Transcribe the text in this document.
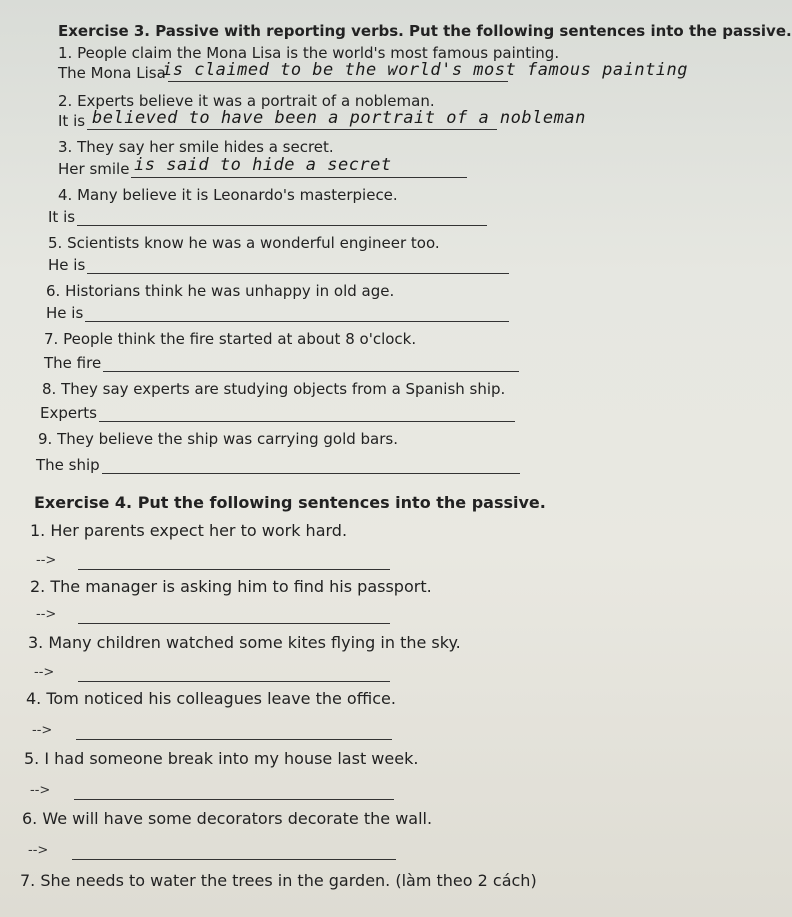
Exercise 3. Passive with reporting verbs. Put the following sentences into the passive.
1. People claim the Mona Lisa is the world's most famous painting.
The Mona Lisa
is claimed to be the world's most famous painting
2. Experts believe it was a portrait of a nobleman.
It is believed to have been a portrait of a nobleman
3. They say her smile hides a secret.
Her smile is said to hide a secret
4. Many believe it is Leonardo's masterpiece.
It is
5. Scientists know he was a wonderful engineer too.
He is
6. Historians think he was unhappy in old age.
He is
7. People think the fire started at about 8 o'clock.
The fire
8. They say experts are studying objects from a Spanish ship.
Experts
9. They believe the ship was carrying gold bars.
The ship
Exercise 4. Put the following sentences into the passive.
1. Her parents expect her to work hard.
-->
2. The manager is asking him to find his passport.
-->
3. Many children watched some kites flying in the sky.
-->
4. Tom noticed his colleagues leave the office.
-->
5. I had someone break into my house last week.
-->
6. We will have some decorators decorate the wall.
-->
7. She needs to water the trees in the garden. (làm theo 2 cách)
